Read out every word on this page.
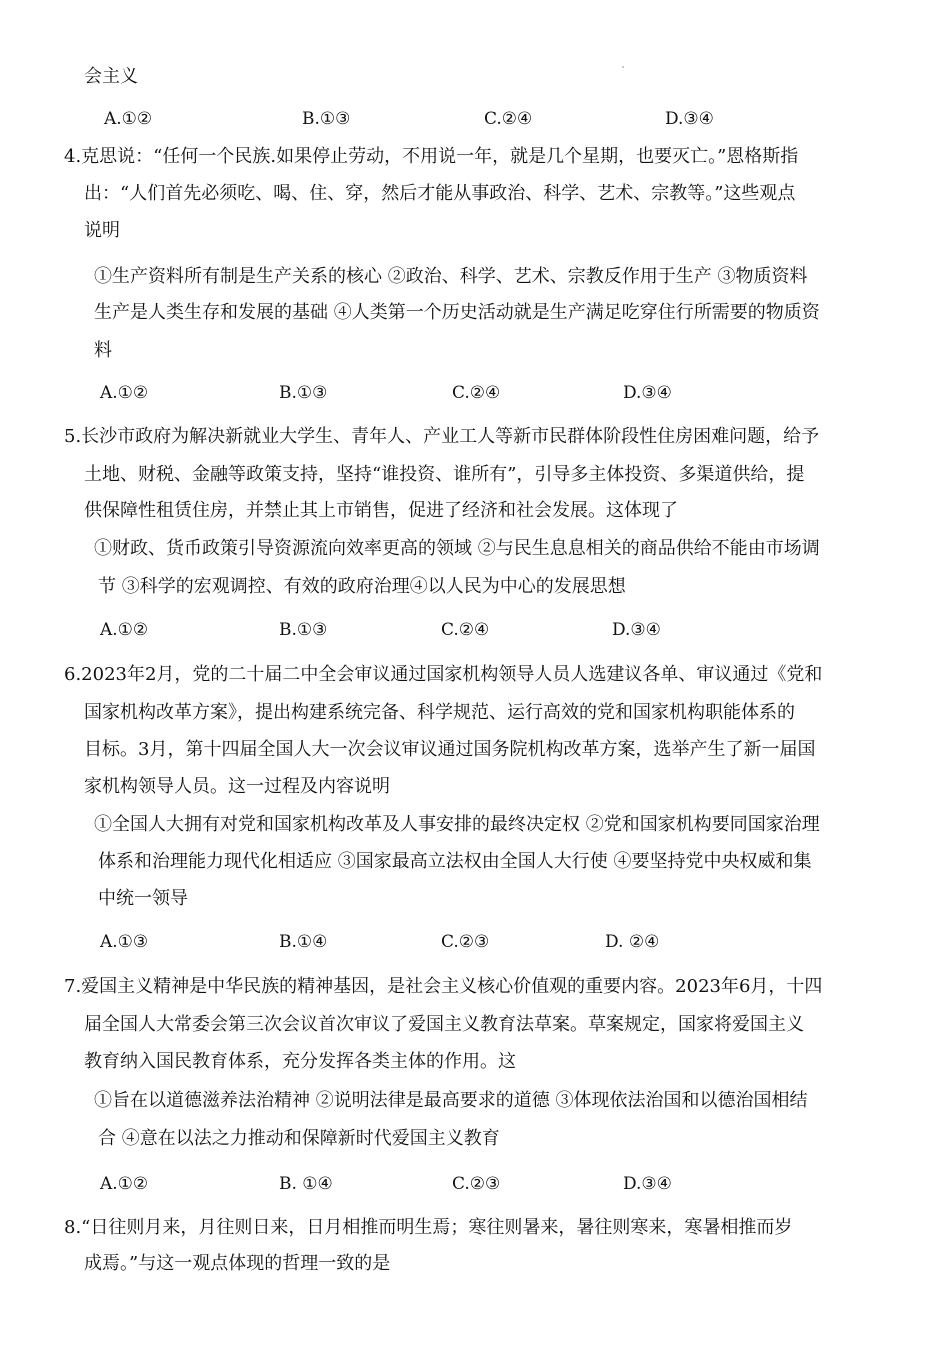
会主义
A.①②	B.①③	C.②④	D.③④
4.克思说：“任何一个民族.如果停止劳动，不用说一年，就是几个星期，也要灭亡。”恩格斯指
出：“人们首先必须吃、喝、住、穿，然后才能从事政治、科学、艺术、宗教等。”这些观点
说明
①生产资料所有制是生产关系的核心 ②政治、科学、艺术、宗教反作用于生产 ③物质资料
生产是人类生存和发展的基础 ④人类第一个历史活动就是生产满足吃穿住行所需要的物质资
料
A.①②	B.①③	C.②④	D.③④
5.长沙市政府为解决新就业大学生、青年人、产业工人等新市民群体阶段性住房困难问题，给予
土地、财税、金融等政策支持，坚持“谁投资、谁所有”，引导多主体投资、多渠道供给，提
供保障性租赁住房，并禁止其上市销售，促进了经济和社会发展。这体现了
①财政、货币政策引导资源流向效率更高的领域 ②与民生息息相关的商品供给不能由市场调
节 ③科学的宏观调控、有效的政府治理④以人民为中心的发展思想
A.①②	B.①③	C.②④	D.③④
6.2023年2月，党的二十届二中全会审议通过国家机构领导人员人选建议各单、审议通过《党和
国家机构改革方案》，提出构建系统完备、科学规范、运行高效的党和国家机构职能体系的
目标。3月，第十四届全国人大一次会议审议通过国务院机构改革方案，选举产生了新一届国
家机构领导人员。这一过程及内容说明
①全国人大拥有对党和国家机构改革及人事安排的最终决定权 ②党和国家机构要同国家治理
体系和治理能力现代化相适应 ③国家最高立法权由全国人大行使 ④要坚持党中央权威和集
中统一领导
A.①③	B.①④	C.②③	D. ②④
7.爱国主义精神是中华民族的精神基因，是社会主义核心价值观的重要内容。2023年6月，十四
届全国人大常委会第三次会议首次审议了爱国主义教育法草案。草案规定，国家将爱国主义
教育纳入国民教育体系，充分发挥各类主体的作用。这
①旨在以道德滋养法治精神 ②说明法律是最高要求的道德 ③体现依法治国和以德治国相结
合 ④意在以法之力推动和保障新时代爱国主义教育
A.①②	B. ①④	C.②③	D.③④
8.“日往则月来，月往则日来，日月相推而明生焉；寒往则暑来，暑往则寒来，寒暑相推而岁
成焉。”与这一观点体现的哲理一致的是
